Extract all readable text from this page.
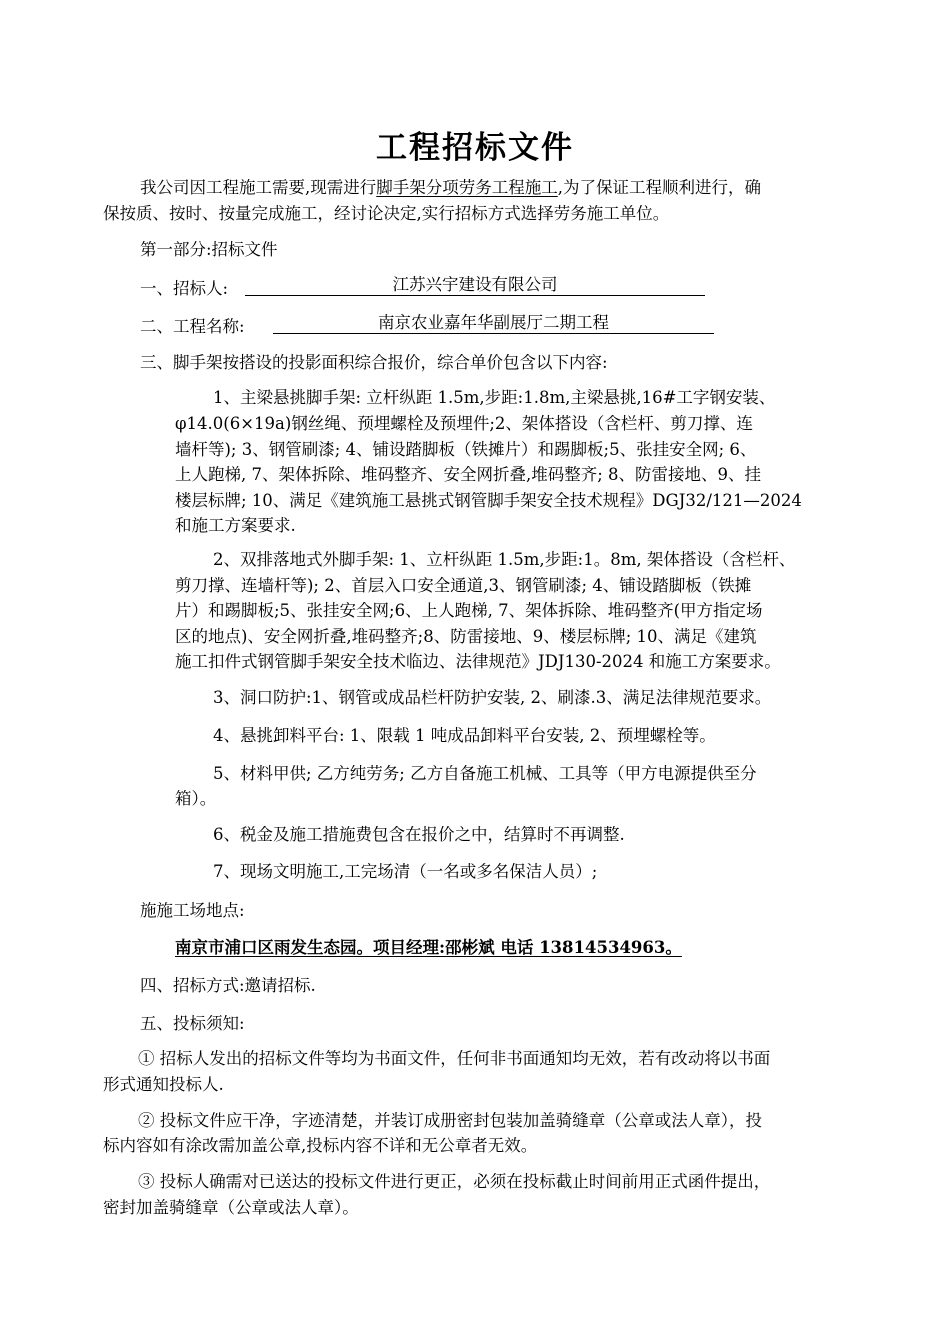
工程招标文件
我公司因工程施工需要,现需进行脚手架分项劳务工程施工,为了保证工程顺利进行，确
保按质、按时、按量完成施工，经讨论决定,实行招标方式选择劳务施工单位。
第一部分:招标文件
一、招标人:	江苏兴宇建设有限公司
二、工程名称:	南京农业嘉年华副展厅二期工程
三、脚手架按搭设的投影面积综合报价，综合单价包含以下内容:
1、主梁悬挑脚手架: 立杆纵距 1.5m,步距:1.8m,主梁悬挑,16#工字钢安装、
φ14.0(6×19a)钢丝绳、预埋螺栓及预埋件;2、架体搭设（含栏杆、剪刀撑、连
墙杆等); 3、钢管刷漆; 4、铺设踏脚板（铁摊片）和踢脚板;5、张挂安全网; 6、
上人跑梯, 7、架体拆除、堆码整齐、安全网折叠,堆码整齐; 8、防雷接地、9、挂
楼层标牌; 10、满足《建筑施工悬挑式钢管脚手架安全技术规程》DGJ32/121—2024
和施工方案要求.
2、双排落地式外脚手架: 1、立杆纵距 1.5m,步距:1。8m, 架体搭设（含栏杆、
剪刀撑、连墙杆等); 2、首层入口安全通道,3、钢管刷漆; 4、铺设踏脚板（铁摊
片）和踢脚板;5、张挂安全网;6、上人跑梯, 7、架体拆除、堆码整齐(甲方指定场
区的地点)、安全网折叠,堆码整齐;8、防雷接地、9、楼层标牌; 10、满足《建筑
施工扣件式钢管脚手架安全技术临边、法律规范》JDJ130-2024 和施工方案要求。
3、洞口防护:1、钢管或成品栏杆防护安装, 2、刷漆.3、满足法律规范要求。
4、悬挑卸料平台: 1、限载 1 吨成品卸料平台安装, 2、预埋螺栓等。
5、材料甲供; 乙方纯劳务; 乙方自备施工机械、工具等（甲方电源提供至分
箱）。
6、税金及施工措施费包含在报价之中，结算时不再调整.
7、现场文明施工,工完场清（一名或多名保洁人员）;
施施工场地点:
南京市浦口区雨发生态园。项目经理:邵彬斌 电话 13814534963。
四、招标方式:邀请招标.
五、投标须知:
① 招标人发出的招标文件等均为书面文件，任何非书面通知均无效，若有改动将以书面
形式通知投标人.
② 投标文件应干净，字迹清楚，并装订成册密封包装加盖骑缝章（公章或法人章），投
标内容如有涂改需加盖公章,投标内容不详和无公章者无效。
③ 投标人确需对已送达的投标文件进行更正，必须在投标截止时间前用正式函件提出，
密封加盖骑缝章（公章或法人章）。
